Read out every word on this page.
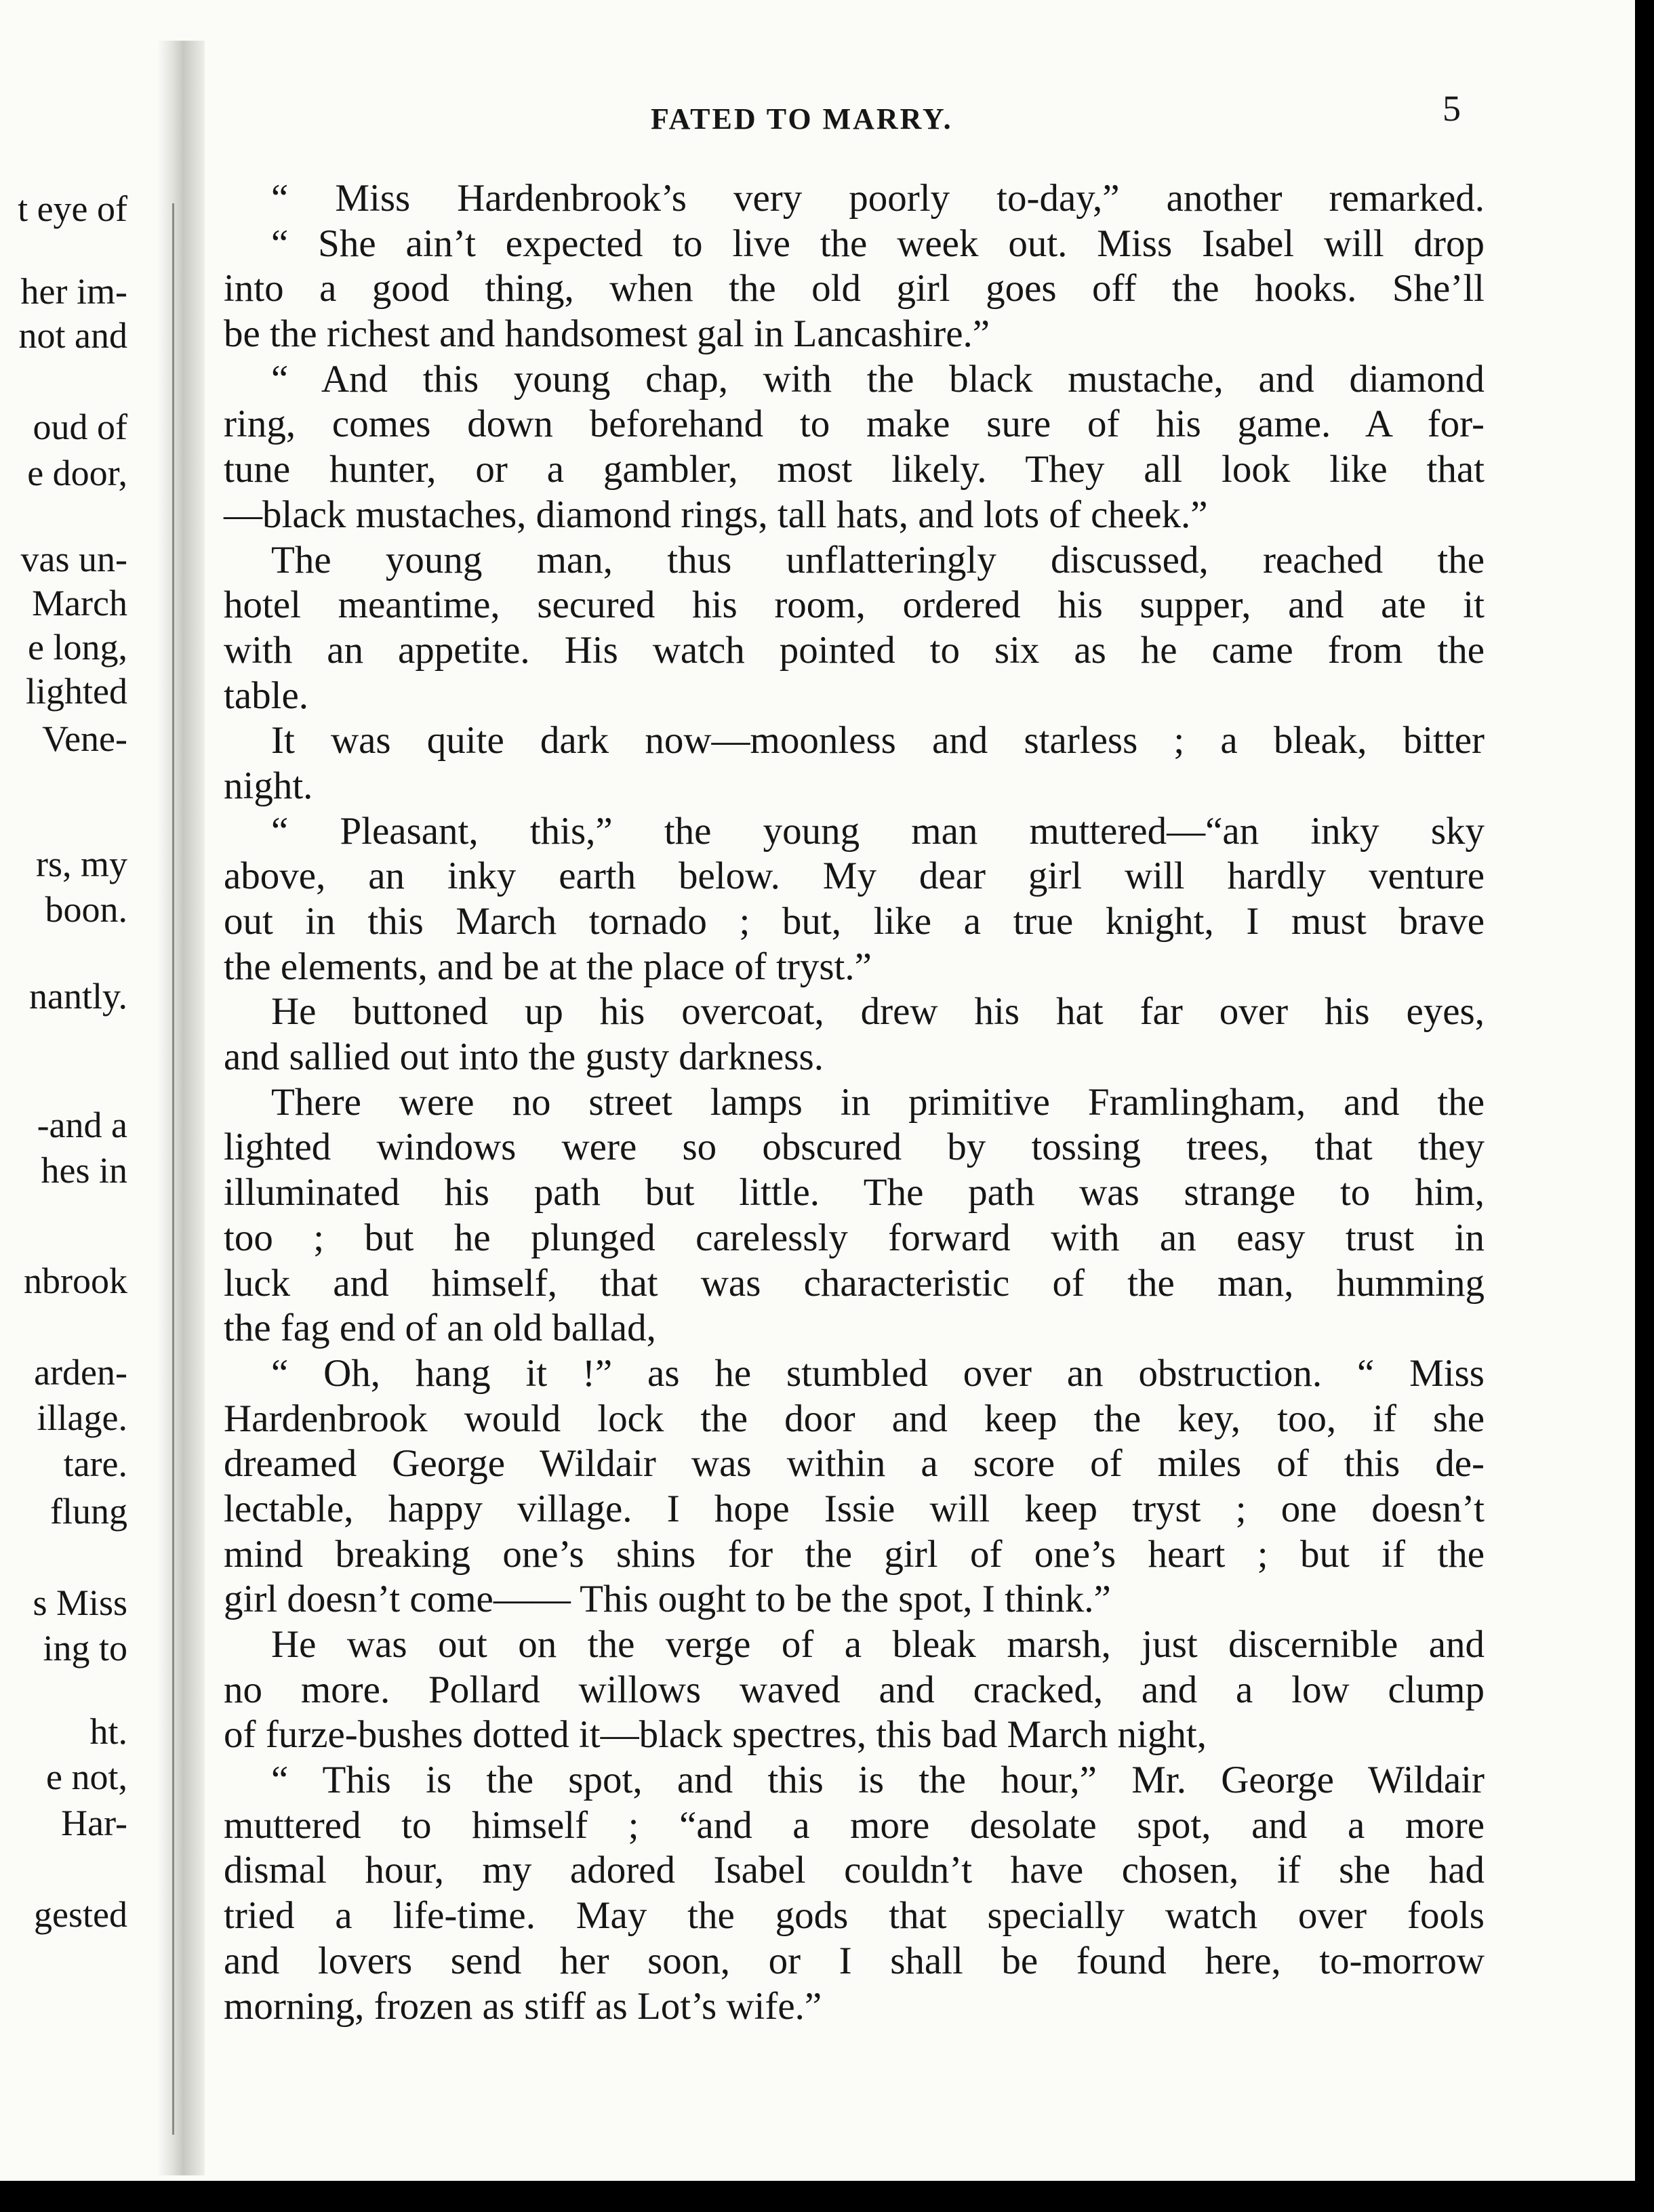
t eye of
her im-
not and
oud of
e door,
vas un-
March
e long,
lighted
Vene-
rs, my
boon.
nantly.
-and a
hes in
nbrook
arden-
illage.
tare.
flung
s Miss
ing to
ht.
e not,
Har-
gested
FATED TO MARRY.	5
“ Miss Hardenbrook’s very poorly to-day,” another remarked.
“ She ain’t expected to live the week out. Miss Isabel will drop
into a good thing, when the old girl goes off the hooks. She’ll
be the richest and handsomest gal in Lancashire.”
“ And this young chap, with the black mustache, and diamond
ring, comes down beforehand to make sure of his game. A for-
tune hunter, or a gambler, most likely. They all look like that
—black mustaches, diamond rings, tall hats, and lots of cheek.”
The young man, thus unflatteringly discussed, reached the
hotel meantime, secured his room, ordered his supper, and ate it
with an appetite. His watch pointed to six as he came from the
table.
It was quite dark now—moonless and starless ; a bleak, bitter
night.
“ Pleasant, this,” the young man muttered—“an inky sky
above, an inky earth below. My dear girl will hardly venture
out in this March tornado ; but, like a true knight, I must brave
the elements, and be at the place of tryst.”
He buttoned up his overcoat, drew his hat far over his eyes,
and sallied out into the gusty darkness.
There were no street lamps in primitive Framlingham, and the
lighted windows were so obscured by tossing trees, that they
illuminated his path but little. The path was strange to him,
too ; but he plunged carelessly forward with an easy trust in
luck and himself, that was characteristic of the man, humming
the fag end of an old ballad,
“ Oh, hang it !” as he stumbled over an obstruction. “ Miss
Hardenbrook would lock the door and keep the key, too, if she
dreamed George Wildair was within a score of miles of this de-
lectable, happy village. I hope Issie will keep tryst ; one doesn’t
mind breaking one’s shins for the girl of one’s heart ; but if the
girl doesn’t come—— This ought to be the spot, I think.”
He was out on the verge of a bleak marsh, just discernible and
no more. Pollard willows waved and cracked, and a low clump
of furze-bushes dotted it—black spectres, this bad March night,
“ This is the spot, and this is the hour,” Mr. George Wildair
muttered to himself ; “and a more desolate spot, and a more
dismal hour, my adored Isabel couldn’t have chosen, if she had
tried a life-time. May the gods that specially watch over fools
and lovers send her soon, or I shall be found here, to-morrow
morning, frozen as stiff as Lot’s wife.”
